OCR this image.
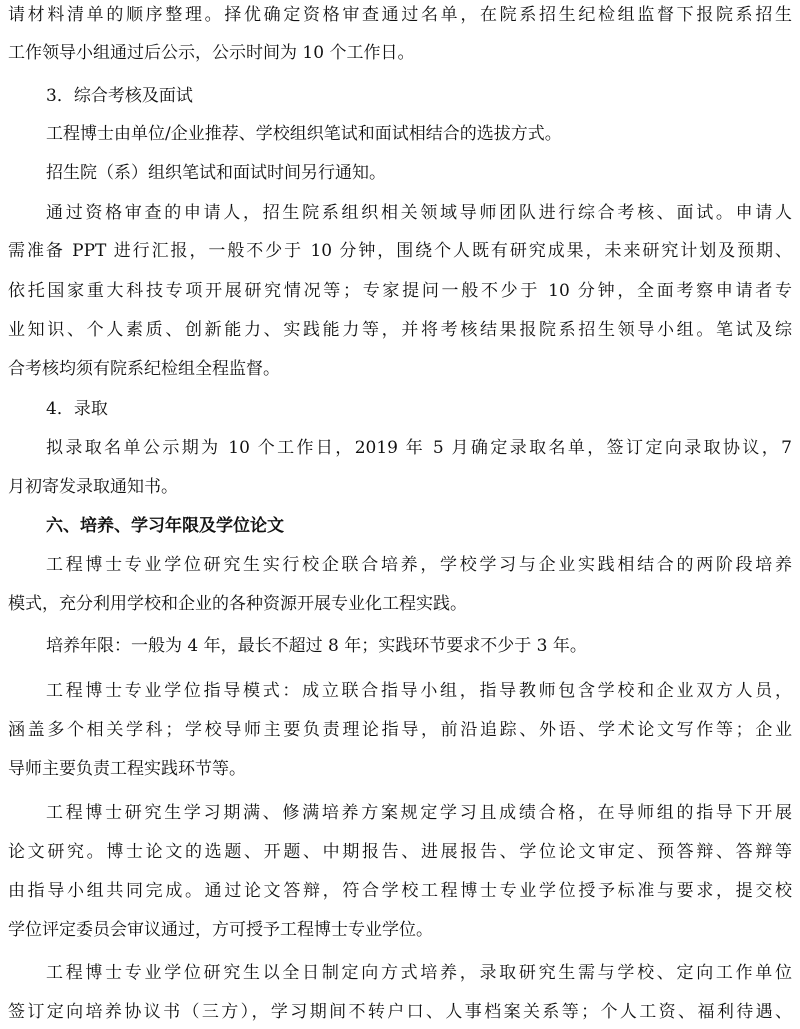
请材料清单的顺序整理。择优确定资格审查通过名单，在院系招生纪检组监督下报院系招生
工作领导小组通过后公示，公示时间为 10 个工作日。
3．综合考核及面试
工程博士由单位/企业推荐、学校组织笔试和面试相结合的选拔方式。
招生院（系）组织笔试和面试时间另行通知。
通过资格审查的申请人，招生院系组织相关领域导师团队进行综合考核、面试。申请人
需准备 PPT 进行汇报，一般不少于 10 分钟，围绕个人既有研究成果，未来研究计划及预期、
依托国家重大科技专项开展研究情况等；专家提问一般不少于 10 分钟，全面考察申请者专
业知识、个人素质、创新能力、实践能力等，并将考核结果报院系招生领导小组。笔试及综
合考核均须有院系纪检组全程监督。
4．录取
拟录取名单公示期为 10 个工作日，2019 年 5 月确定录取名单，签订定向录取协议，7
月初寄发录取通知书。
六、培养、学习年限及学位论文
工程博士专业学位研究生实行校企联合培养，学校学习与企业实践相结合的两阶段培养
模式，充分利用学校和企业的各种资源开展专业化工程实践。
培养年限：一般为 4 年，最长不超过 8 年；实践环节要求不少于 3 年。
工程博士专业学位指导模式：成立联合指导小组，指导教师包含学校和企业双方人员，
涵盖多个相关学科；学校导师主要负责理论指导，前沿追踪、外语、学术论文写作等；企业
导师主要负责工程实践环节等。
工程博士研究生学习期满、修满培养方案规定学习且成绩合格，在导师组的指导下开展
论文研究。博士论文的选题、开题、中期报告、进展报告、学位论文审定、预答辩、答辩等
由指导小组共同完成。通过论文答辩，符合学校工程博士专业学位授予标准与要求，提交校
学位评定委员会审议通过，方可授予工程博士专业学位。
工程博士专业学位研究生以全日制定向方式培养，录取研究生需与学校、定向工作单位
签订定向培养协议书（三方），学习期间不转户口、人事档案关系等；个人工资、福利待遇、
